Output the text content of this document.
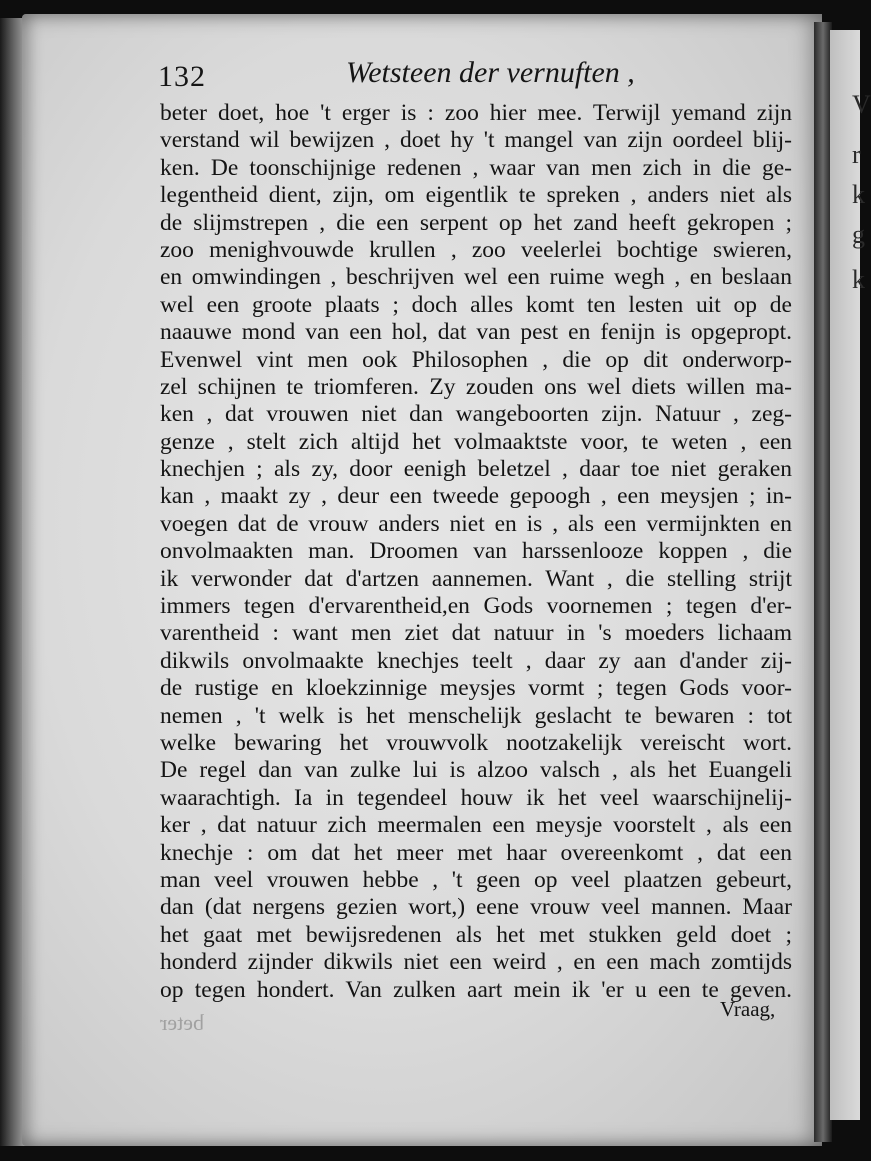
V
r
k
g
k
132	Wetsteen der vernuften ,
beter doet, hoe 't erger is : zoo hier mee. Terwijl yemand zijn
verstand wil bewijzen , doet hy 't mangel van zijn oordeel blij-
ken. De toonschijnige redenen , waar van men zich in die ge-
legentheid dient, zijn, om eigentlik te spreken , anders niet als
de slijmstrepen , die een serpent op het zand heeft gekropen ;
zoo menighvouwde krullen , zoo veelerlei bochtige swieren,
en omwindingen , beschrijven wel een ruime wegh , en beslaan
wel een groote plaats ; doch alles komt ten lesten uit op de
naauwe mond van een hol, dat van pest en fenijn is opgepropt.
Evenwel vint men ook Philosophen , die op dit onderworp-
zel schijnen te triomferen. Zy zouden ons wel diets willen ma-
ken , dat vrouwen niet dan wangeboorten zijn. Natuur , zeg-
genze , stelt zich altijd het volmaaktste voor, te weten , een
knechjen ; als zy, door eenigh beletzel , daar toe niet geraken
kan , maakt zy , deur een tweede gepoogh , een meysjen ; in-
voegen dat de vrouw anders niet en is , als een vermijnkten en
onvolmaakten man. Droomen van harssenlooze koppen , die
ik verwonder dat d'artzen aannemen. Want , die stelling strijt
immers tegen d'ervarentheid,en Gods voornemen ; tegen d'er-
varentheid : want men ziet dat natuur in 's moeders lichaam
dikwils onvolmaakte knechjes teelt , daar zy aan d'ander zij-
de rustige en kloekzinnige meysjes vormt ; tegen Gods voor-
nemen , 't welk is het menschelijk geslacht te bewaren : tot
welke bewaring het vrouwvolk nootzakelijk vereischt wort.
De regel dan van zulke lui is alzoo valsch , als het Euangeli
waarachtigh. Ia in tegendeel houw ik het veel waarschijnelij-
ker , dat natuur zich meermalen een meysje voorstelt , als een
knechje : om dat het meer met haar overeenkomt , dat een
man veel vrouwen hebbe , 't geen op veel plaatzen gebeurt,
dan (dat nergens gezien wort,) eene vrouw veel mannen. Maar
het gaat met bewijsredenen als het met stukken geld doet ;
honderd zijnder dikwils niet een weird , en een mach zomtijds
op tegen hondert. Van zulken aart mein ik 'er u een te geven.
Vraag,
beter
